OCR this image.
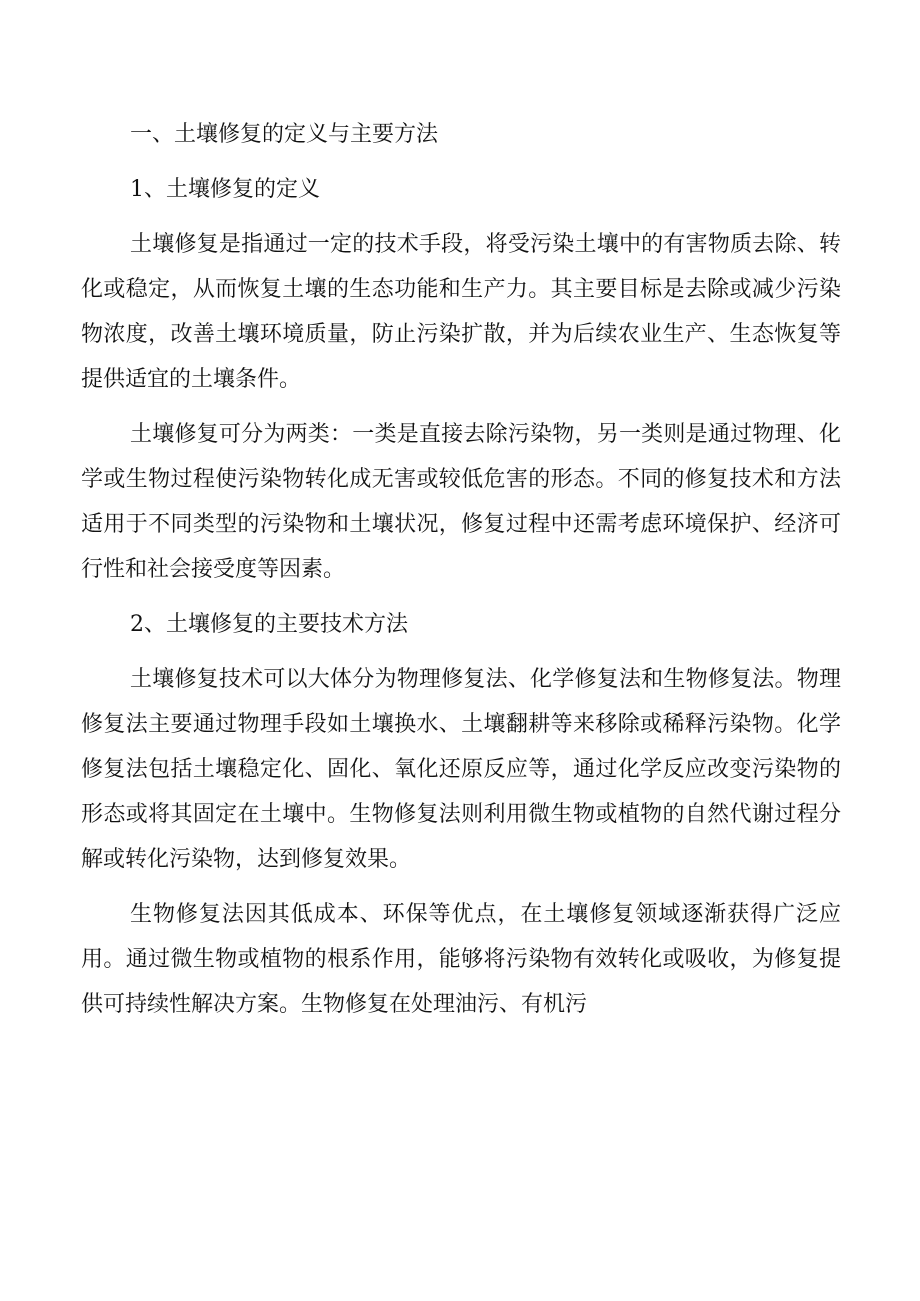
一、土壤修复的定义与主要方法
1、土壤修复的定义

土壤修复是指通过一定的技术手段，将受污染土壤中的有害物质去除、转化或稳定，从而恢复土壤的生态功能和生产力。其主要目标是去除或减少污染物浓度，改善土壤环境质量，防止污染扩散，并为后续农业生产、生态恢复等提供适宜的土壤条件。

土壤修复可分为两类：一类是直接去除污染物，另一类则是通过物理、化学或生物过程使污染物转化成无害或较低危害的形态。不同的修复技术和方法适用于不同类型的污染物和土壤状况，修复过程中还需考虑环境保护、经济可行性和社会接受度等因素。

2、土壤修复的主要技术方法

土壤修复技术可以大体分为物理修复法、化学修复法和生物修复法。物理修复法主要通过物理手段如土壤换水、土壤翻耕等来移除或稀释污染物。化学修复法包括土壤稳定化、固化、氧化还原反应等，通过化学反应改变污染物的形态或将其固定在土壤中。生物修复法则利用微生物或植物的自然代谢过程分解或转化污染物，达到修复效果。

生物修复法因其低成本、环保等优点，在土壤修复领域逐渐获得广泛应用。通过微生物或植物的根系作用，能够将污染物有效转化或吸收，为修复提供可持续性解决方案。生物修复在处理油污、有机污
